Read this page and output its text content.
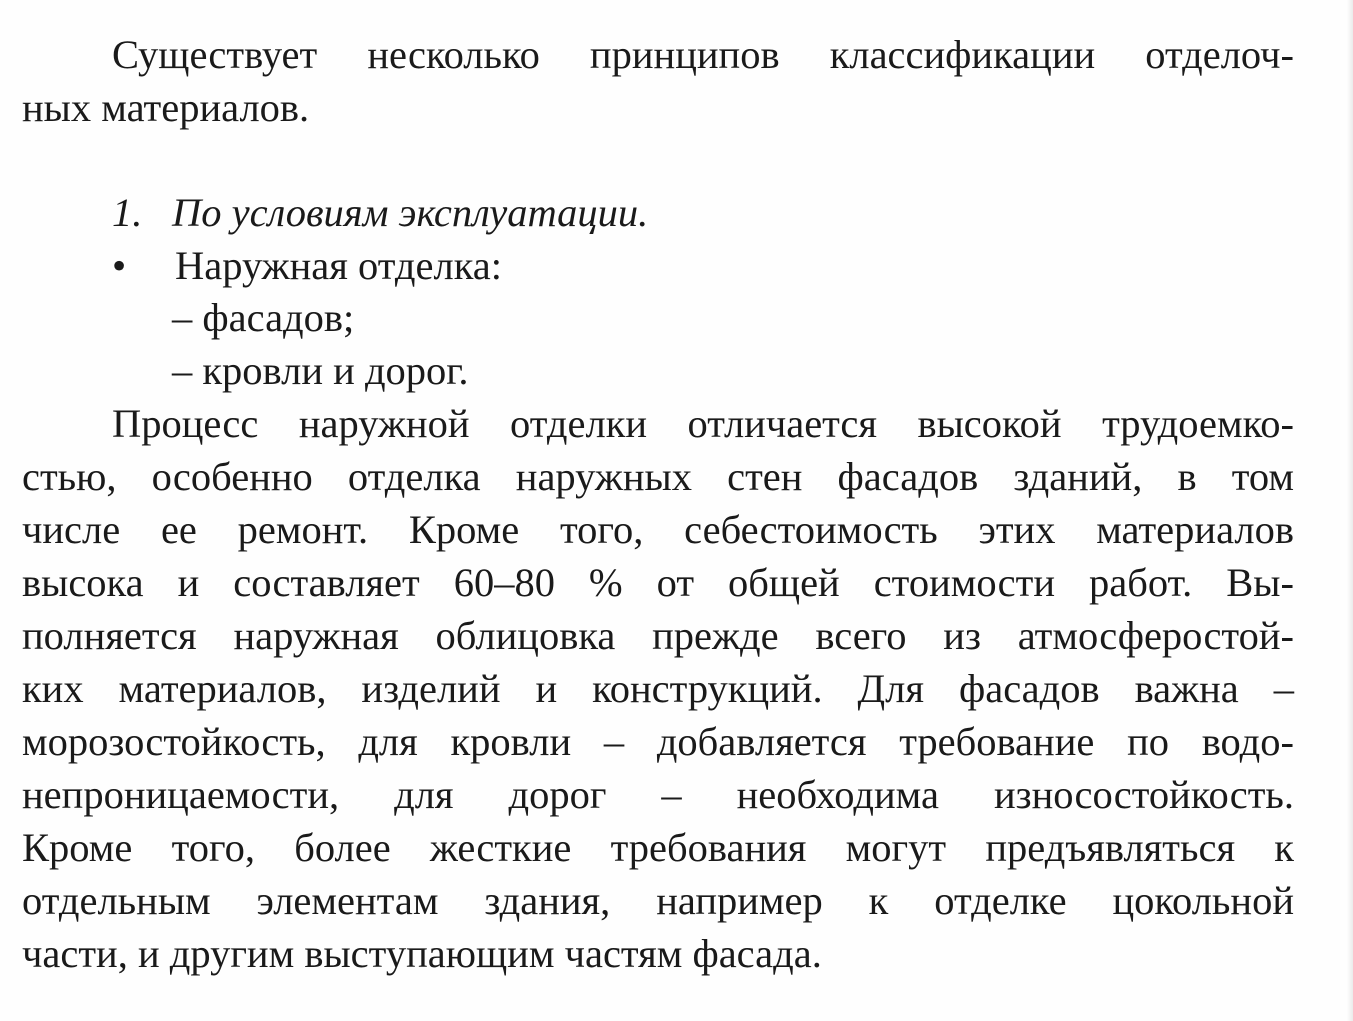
Существует несколько принципов классификации отделоч-
ных материалов.
1. По условиям эксплуатации.
•	Наружная отделка:
– фасадов;
– кровли и дорог.
Процесс наружной отделки отличается высокой трудоемко-
стью, особенно отделка наружных стен фасадов зданий, в том
числе ее ремонт. Кроме того, себестоимость этих материалов
высока и составляет 60–80 % от общей стоимости работ. Вы-
полняется наружная облицовка прежде всего из атмосферостой-
ких материалов, изделий и конструкций. Для фасадов важна –
морозостойкость, для кровли – добавляется требование по водо-
непроницаемости, для дорог – необходима износостойкость.
Кроме того, более жесткие требования могут предъявляться к
отдельным элементам здания, например к отделке цокольной
части, и другим выступающим частям фасада.
